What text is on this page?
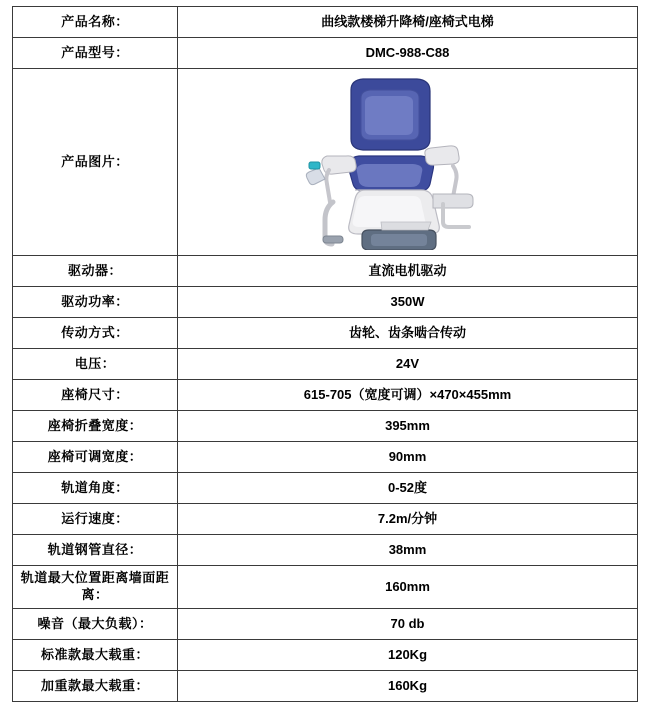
产品名称：	曲线款楼梯升降椅/座椅式电梯
产品型号：	DMC-988-C88
产品图片：	

驱动器：	直流电机驱动
驱动功率：	350W
传动方式：	齿轮、齿条啮合传动
电压：	24V
座椅尺寸：	615-705（宽度可调）×470×455mm
座椅折叠宽度：	395mm
座椅可调宽度：	90mm
轨道角度：	0-52度
运行速度：	7.2m/分钟
轨道钢管直径：	38mm
轨道最大位置距离墙面距离：	160mm
噪音（最大负载）：	70 db
标准款最大载重：	120Kg
加重款最大载重：	160Kg
